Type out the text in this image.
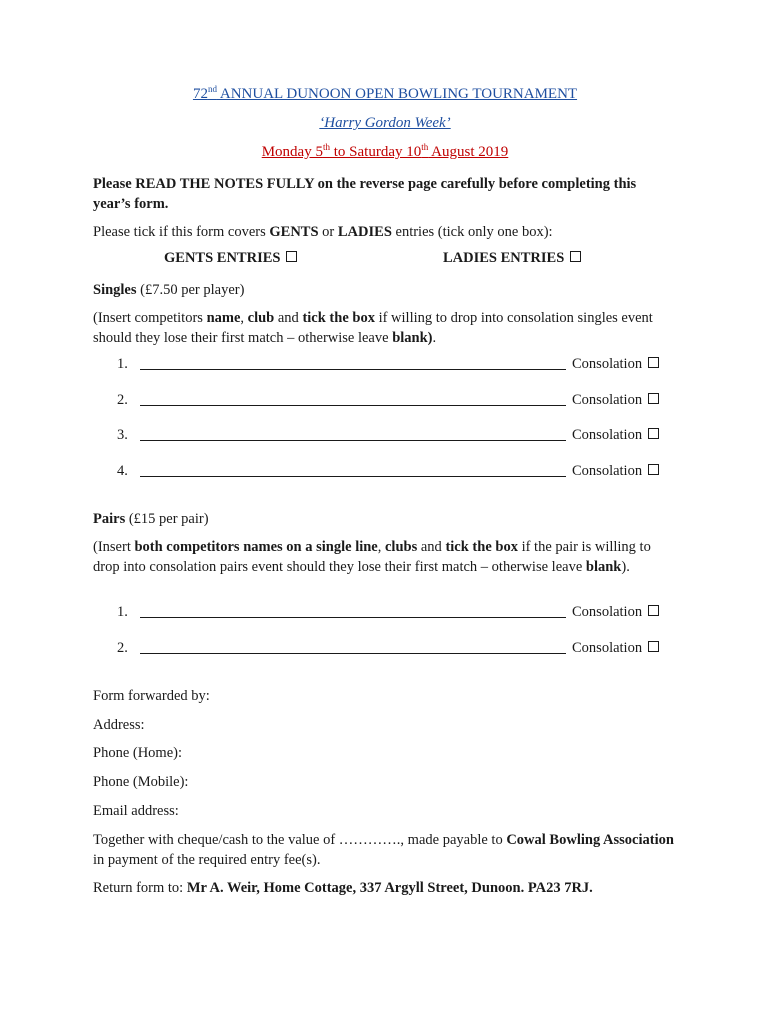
72nd ANNUAL DUNOON OPEN BOWLING TOURNAMENT
‘Harry Gordon Week’
Monday 5th to Saturday 10th August 2019
Please READ THE NOTES FULLY on the reverse page carefully before completing this year’s form.
Please tick if this form covers GENTS or LADIES entries (tick only one box):
GENTS ENTRIES	LADIES ENTRIES
Singles (£7.50 per player)
(Insert competitors name, club and tick the box if willing to drop into consolation singles event should they lose their first match – otherwise leave blank).
1.	Consolation
2.	Consolation
3.	Consolation
4.	Consolation
Pairs (£15 per pair)
(Insert both competitors names on a single line, clubs and tick the box if the pair is willing to drop into consolation pairs event should they lose their first match – otherwise leave blank).
1.	Consolation
2.	Consolation
Form forwarded by:
Address:
Phone (Home):
Phone (Mobile):
Email address:
Together with cheque/cash to the value of …………., made payable to Cowal Bowling Association in payment of the required entry fee(s).
Return form to: Mr A. Weir, Home Cottage, 337 Argyll Street, Dunoon. PA23 7RJ.
